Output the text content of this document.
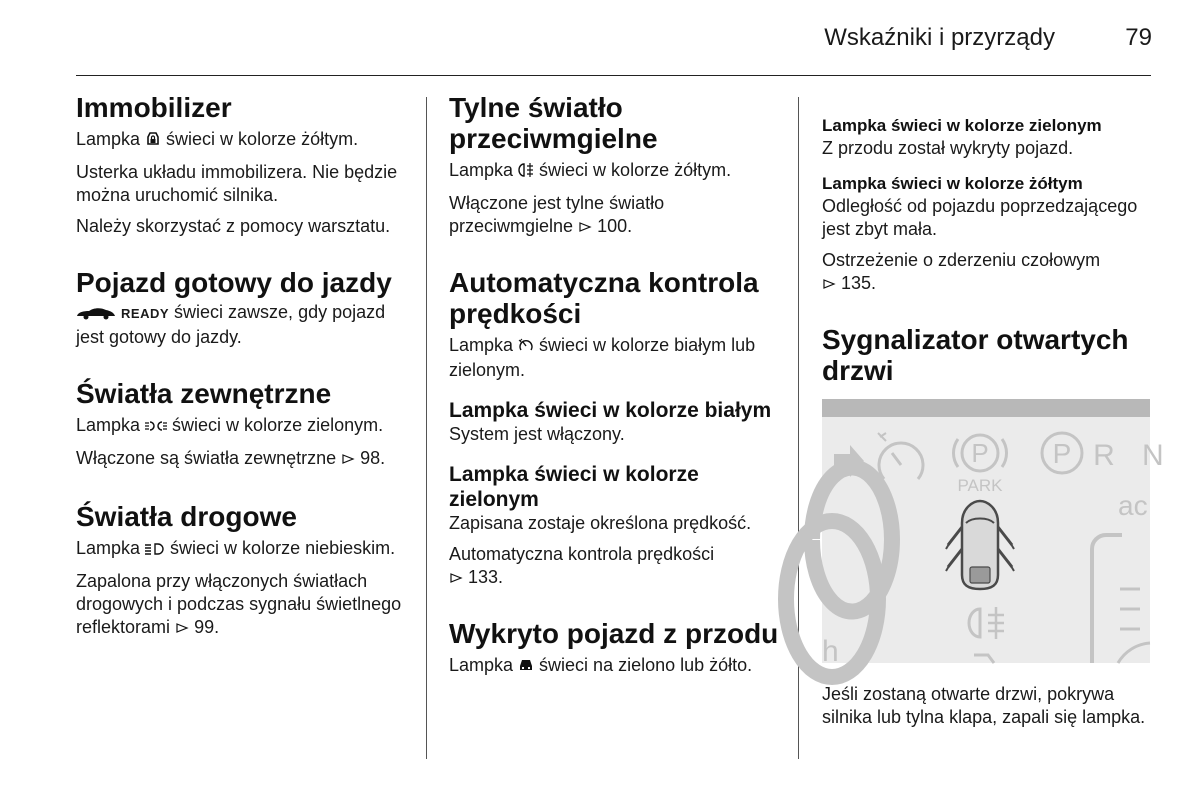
Wskaźniki i przyrządy	79
Immobilizer

Lampka  świeci w kolorze żółtym.

Usterka układu immobilizera. Nie będzie można uruchomić silnika.

Należy skorzystać z pomocy warsztatu.

Pojazd gotowy do jazdy

READY świeci zawsze, gdy pojazd jest gotowy do jazdy.

Światła zewnętrzne

Lampka  świeci w kolorze zielonym.

Włączone są światła zewnętrzne 98.

Światła drogowe

Lampka  świeci w kolorze niebieskim.

Zapalona przy włączonych światłach drogowych i podczas sygnału świetlnego reflektorami 99.

Tylne światło przeciwmgielne

Lampka  świeci w kolorze żółtym.

Włączone jest tylne światło przeciwmgielne 100.

Automatyczna kontrola prędkości

Lampka  świeci w kolorze białym lub zielonym.

Lampka świeci w kolorze białym

System jest włączony.

Lampka świeci w kolorze zielonym

Zapisana zostaje określona prędkość.

Automatyczna kontrola prędkości
133.

Wykryto pojazd z przodu

Lampka  świeci na zielono lub żółto.

Lampka świeci w kolorze zielonym

Z przodu został wykryty pojazd.

Lampka świeci w kolorze żółtym

Odległość od pojazdu poprzedzającego jest zbyt mała.

Ostrzeżenie o zderzeniu czołowym
135.

Sygnalizator otwartych drzwi
P
PARK
P R N
ac
h

Jeśli zostaną otwarte drzwi, pokrywa silnika lub tylna klapa, zapali się lampka.
